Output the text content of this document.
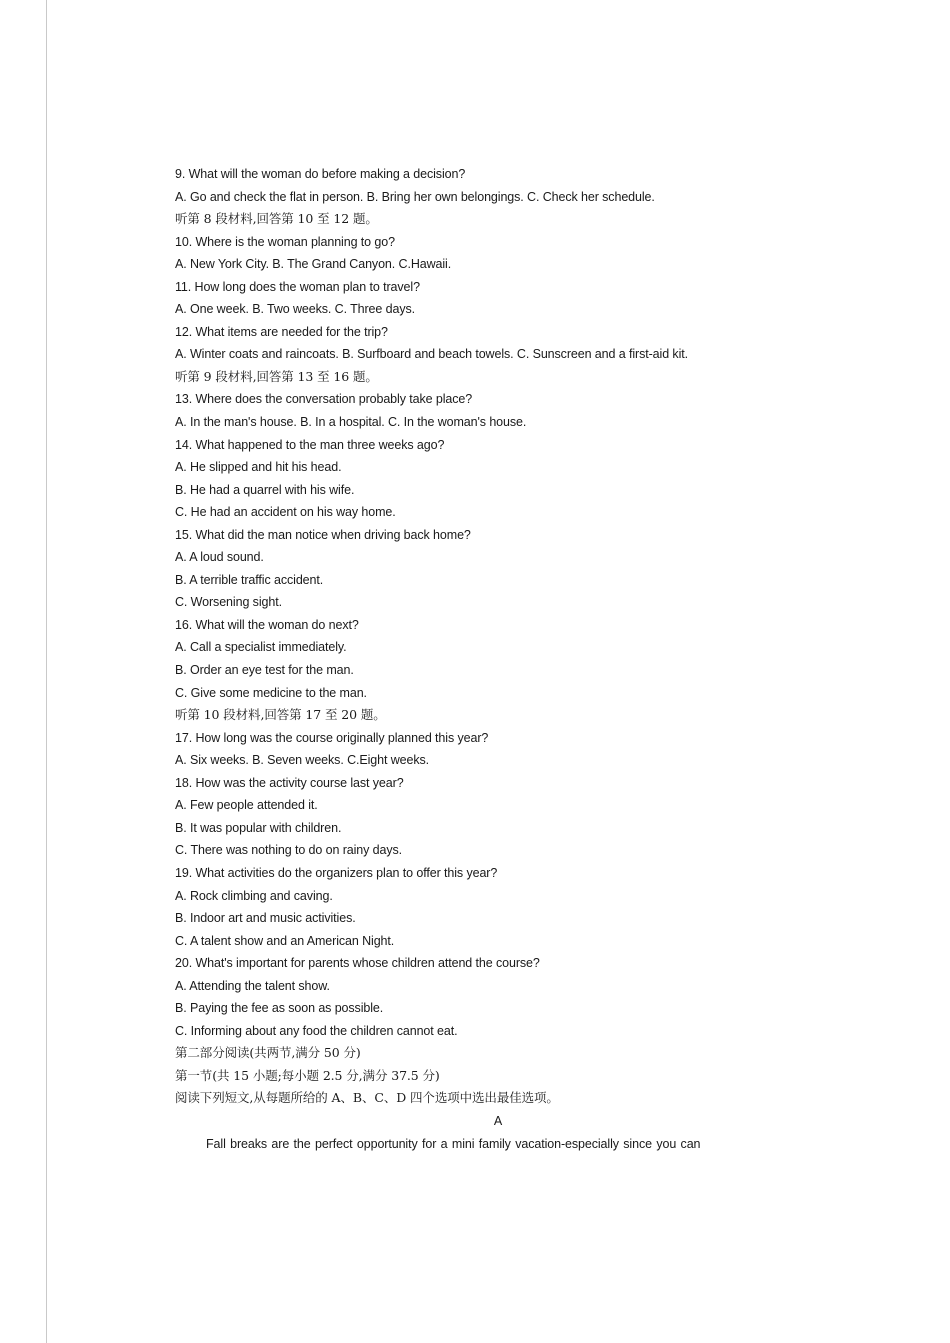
9. What will the woman do before making a decision?
A. Go and check the flat in person. B. Bring her own belongings. C. Check her schedule.
听第 8 段材料,回答第 10 至 12 题。
10. Where is the woman planning to go?
A. New York City. B. The Grand Canyon. C.Hawaii.
11. How long does the woman plan to travel?
A. One week. B. Two weeks. C. Three days.
12. What items are needed for the trip?
A. Winter coats and raincoats. B. Surfboard and beach towels. C. Sunscreen and a first-aid kit.
听第 9 段材料,回答第 13 至 16 题。
13. Where does the conversation probably take place?
A. In the man's house. B. In a hospital. C. In the woman's house.
14. What happened to the man three weeks ago?
A. He slipped and hit his head.
B. He had a quarrel with his wife.
C. He had an accident on his way home.
15. What did the man notice when driving back home?
A. A loud sound.
B. A terrible traffic accident.
C. Worsening sight.
16. What will the woman do next?
A. Call a specialist immediately.
B. Order an eye test for the man.
C. Give some medicine to the man.
听第 10 段材料,回答第 17 至 20 题。
17. How long was the course originally planned this year?
A. Six weeks. B. Seven weeks. C.Eight weeks.
18. How was the activity course last year?
A. Few people attended it.
B. It was popular with children.
C. There was nothing to do on rainy days.
19. What activities do the organizers plan to offer this year?
A. Rock climbing and caving.
B. Indoor art and music activities.
C. A talent show and an American Night.
20. What's important for parents whose children attend the course?
A. Attending the talent show.
B. Paying the fee as soon as possible.
C. Informing about any food the children cannot eat.
第二部分阅读(共两节,满分 50 分)
第一节(共 15 小题;每小题 2.5 分,满分 37.5 分)
阅读下列短文,从每题所给的 A、B、C、D 四个选项中选出最佳选项。
A
Fall breaks are the perfect opportunity for a mini family vacation-especially since you can
